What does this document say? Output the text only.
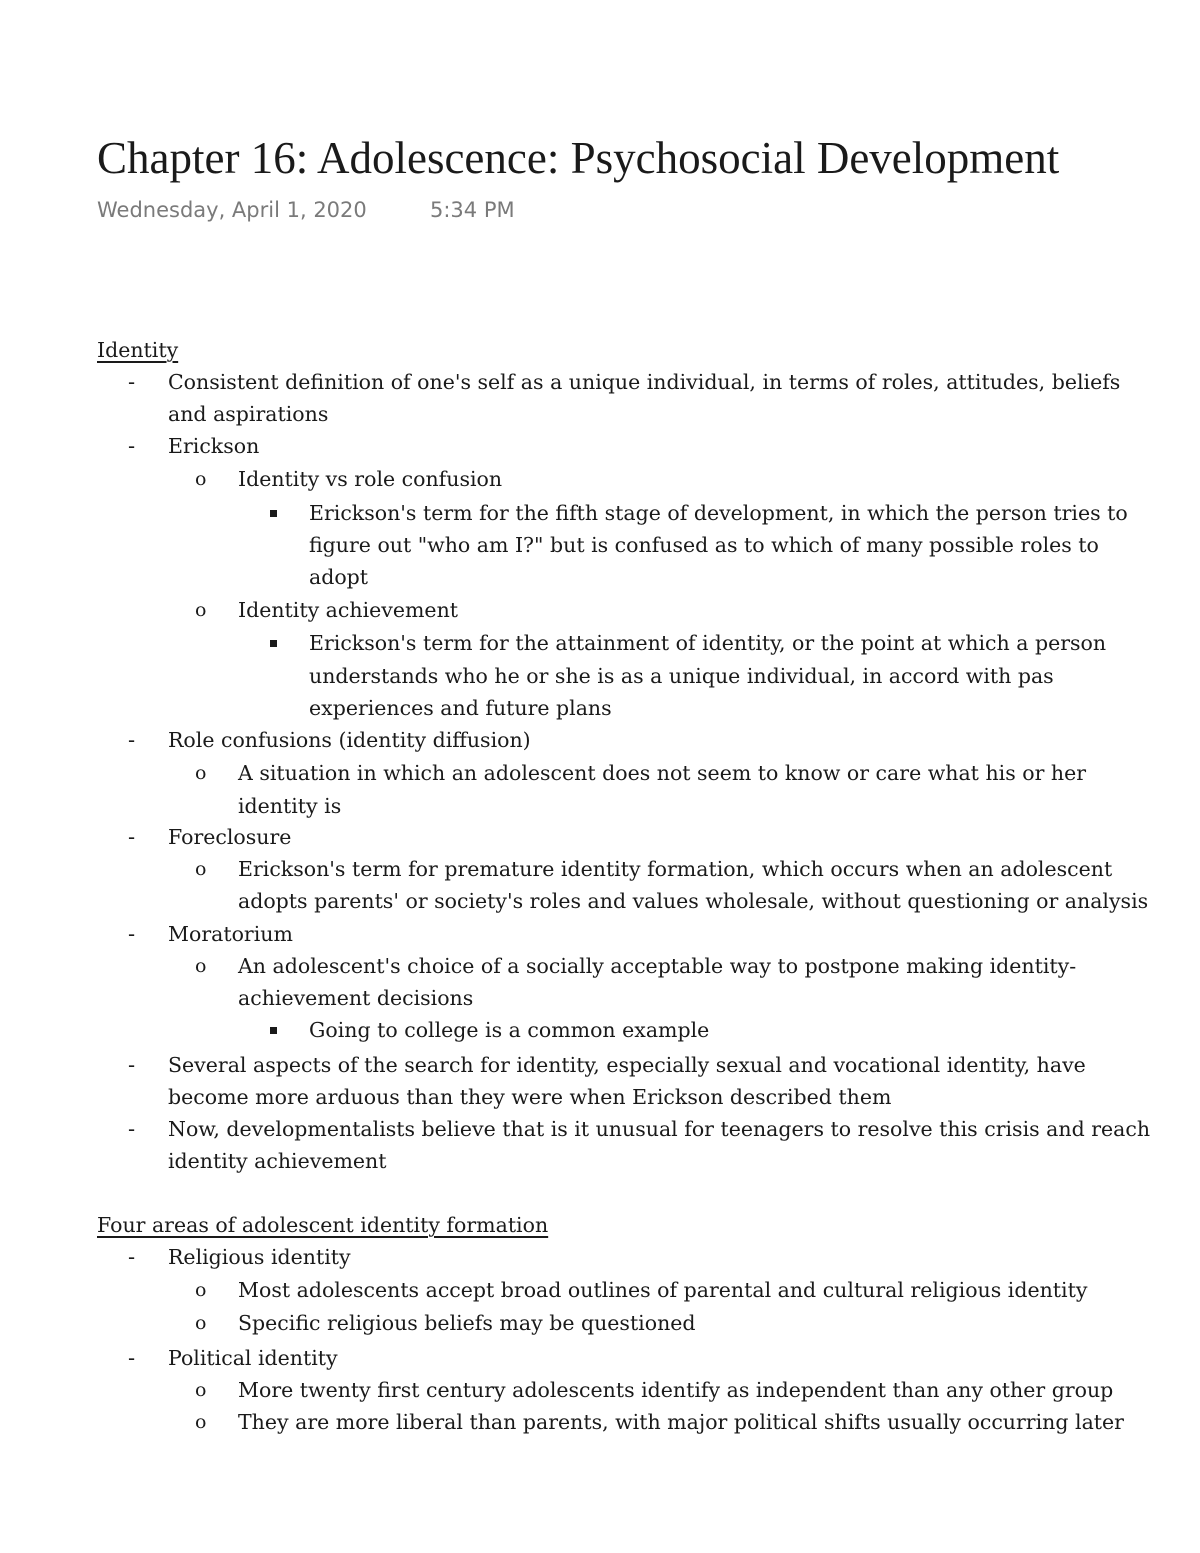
Chapter 16: Adolescence: Psychosocial Development
Wednesday, April 1, 2020	5:34 PM
Identity
- Consistent definition of one's self as a unique individual, in terms of roles, attitudes, beliefs
and aspirations
- Erickson
o Identity vs role confusion
Erickson's term for the fifth stage of development, in which the person tries to
figure out "who am I?" but is confused as to which of many possible roles to
adopt
o Identity achievement
Erickson's term for the attainment of identity, or the point at which a person
understands who he or she is as a unique individual, in accord with pas
experiences and future plans
- Role confusions (identity diffusion)
o A situation in which an adolescent does not seem to know or care what his or her
identity is
- Foreclosure
o Erickson's term for premature identity formation, which occurs when an adolescent
adopts parents' or society's roles and values wholesale, without questioning or analysis
- Moratorium
o An adolescent's choice of a socially acceptable way to postpone making identity-
achievement decisions
Going to college is a common example
- Several aspects of the search for identity, especially sexual and vocational identity, have
become more arduous than they were when Erickson described them
- Now, developmentalists believe that is it unusual for teenagers to resolve this crisis and reach
identity achievement
Four areas of adolescent identity formation
- Religious identity
o Most adolescents accept broad outlines of parental and cultural religious identity
o Specific religious beliefs may be questioned
- Political identity
o More twenty first century adolescents identify as independent than any other group
o They are more liberal than parents, with major political shifts usually occurring later
